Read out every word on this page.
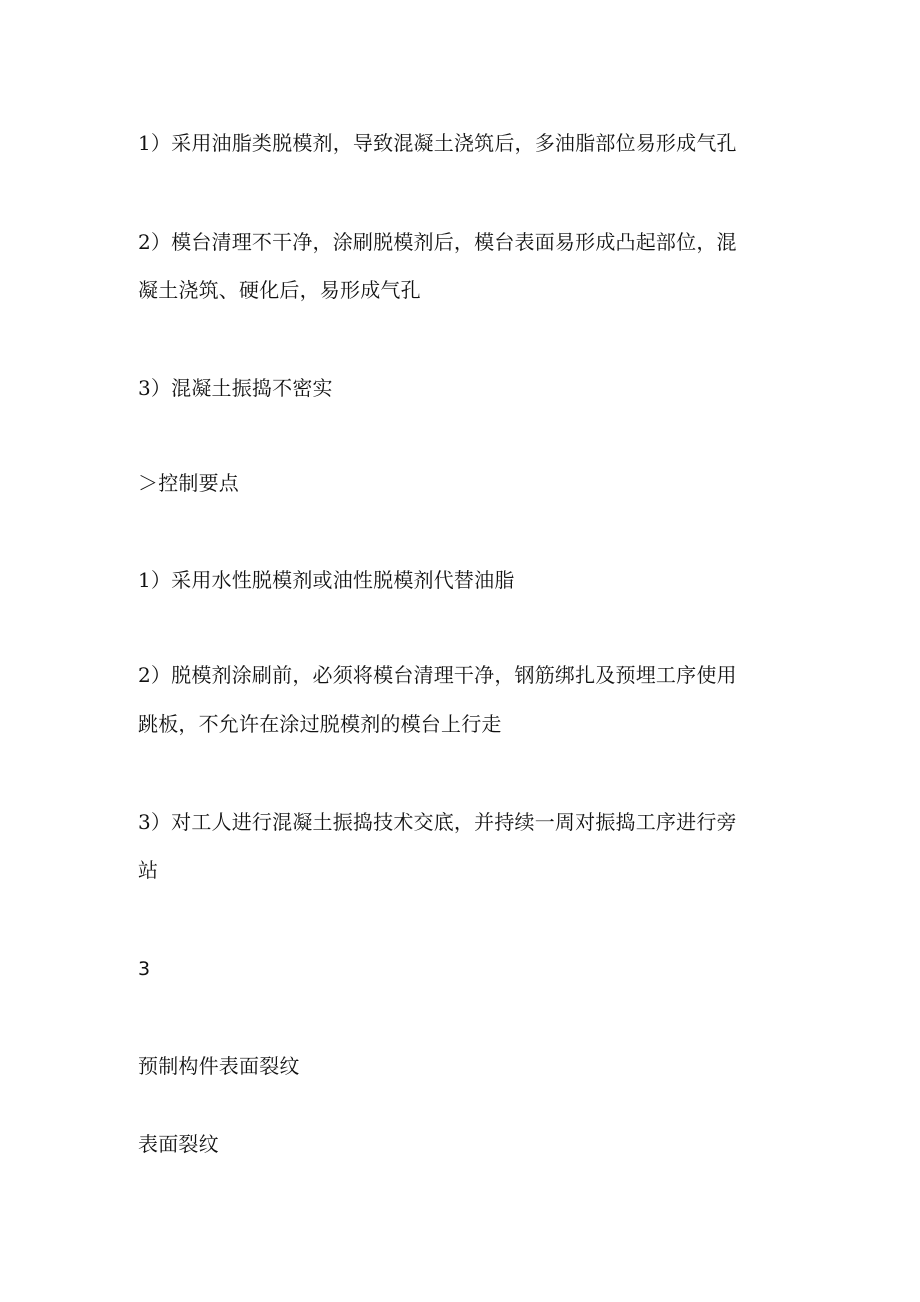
1）采用油脂类脱模剂，导致混凝土浇筑后，多油脂部位易形成气孔
2）模台清理不干净，涂刷脱模剂后，模台表面易形成凸起部位，混
凝土浇筑、硬化后，易形成气孔
3）混凝土振捣不密实
＞控制要点
1）采用水性脱模剂或油性脱模剂代替油脂
2）脱模剂涂刷前，必须将模台清理干净，钢筋绑扎及预埋工序使用
跳板，不允许在涂过脱模剂的模台上行走
3）对工人进行混凝土振捣技术交底，并持续一周对振捣工序进行旁
站
3
预制构件表面裂纹
表面裂纹
